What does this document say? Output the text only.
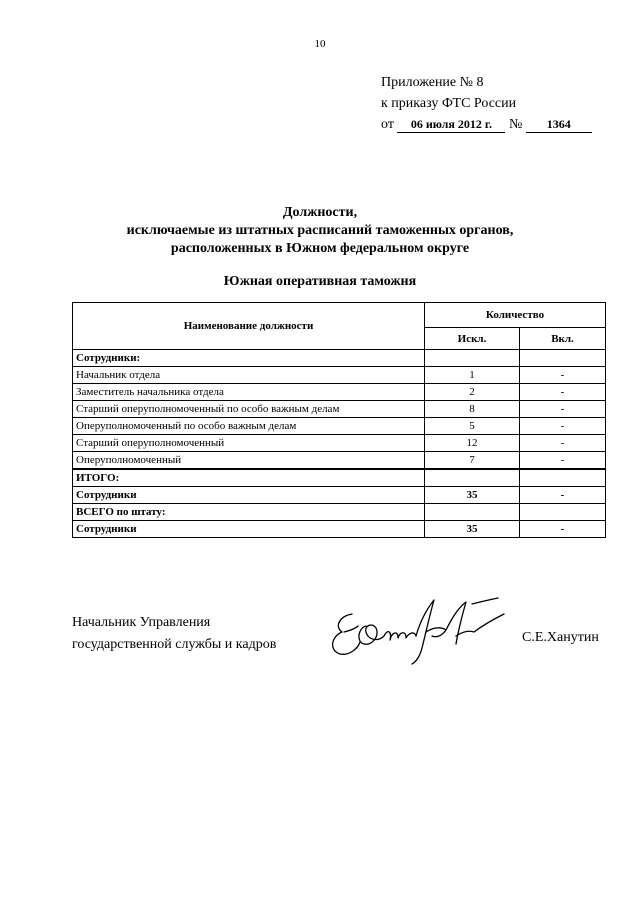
10
Приложение № 8
к приказу ФТС России
от 06 июля 2012 г. № 1364
Должности,
исключаемые из штатных расписаний таможенных органов,
расположенных в Южном федеральном округе
Южная оперативная таможня
Наименование должности	Количество	
	Искл.	Вкл.
Сотрудники:		
Начальник отдела	1	-
Заместитель начальника отдела	2	-
Старший оперуполномоченный по особо важным делам	8	-
Оперуполномоченный по особо важным делам	5	-
Старший оперуполномоченный	12	-
Оперуполномоченный	7	-
ИТОГО:		
Сотрудники	35	-
ВСЕГО по штату:		
Сотрудники	35	-
Начальник Управления
государственной службы и кадров	С.Е.Ханутин
